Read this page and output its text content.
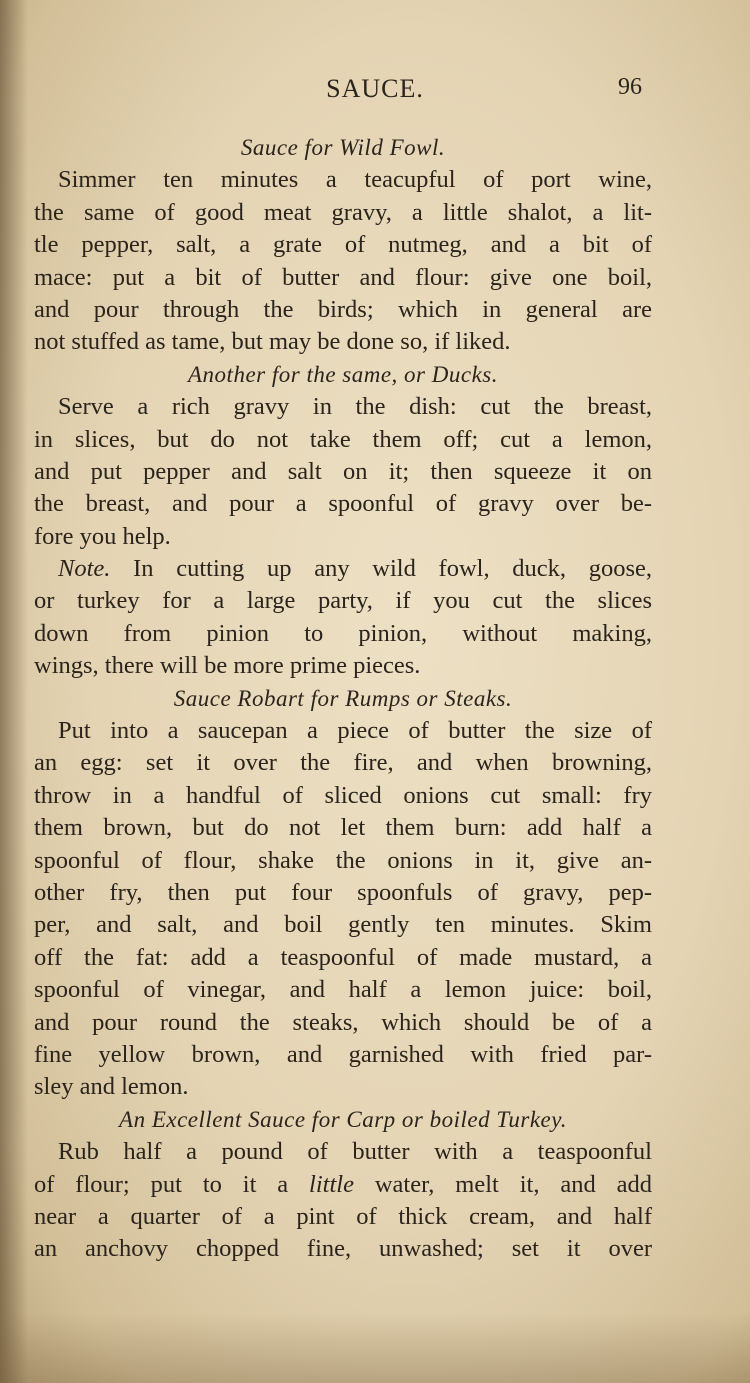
SAUCE.	96
Sauce for Wild Fowl.
Simmer ten minutes a teacupful of port wine,
the same of good meat gravy, a little shalot, a lit-
tle pepper, salt, a grate of nutmeg, and a bit of
mace: put a bit of butter and flour: give one boil,
and pour through the birds; which in general are
not stuffed as tame, but may be done so, if liked.
Another for the same, or Ducks.
Serve a rich gravy in the dish: cut the breast,
in slices, but do not take them off; cut a lemon,
and put pepper and salt on it; then squeeze it on
the breast, and pour a spoonful of gravy over be-
fore you help.
Note. In cutting up any wild fowl, duck, goose,
or turkey for a large party, if you cut the slices
down from pinion to pinion, without making,
wings, there will be more prime pieces.
Sauce Robart for Rumps or Steaks.
Put into a saucepan a piece of butter the size of
an egg: set it over the fire, and when browning,
throw in a handful of sliced onions cut small: fry
them brown, but do not let them burn: add half a
spoonful of flour, shake the onions in it, give an-
other fry, then put four spoonfuls of gravy, pep-
per, and salt, and boil gently ten minutes. Skim
off the fat: add a teaspoonful of made mustard, a
spoonful of vinegar, and half a lemon juice: boil,
and pour round the steaks, which should be of a
fine yellow brown, and garnished with fried par-
sley and lemon.
An Excellent Sauce for Carp or boiled Turkey.
Rub half a pound of butter with a teaspoonful
of flour; put to it a little water, melt it, and add
near a quarter of a pint of thick cream, and half
an anchovy chopped fine, unwashed; set it over
